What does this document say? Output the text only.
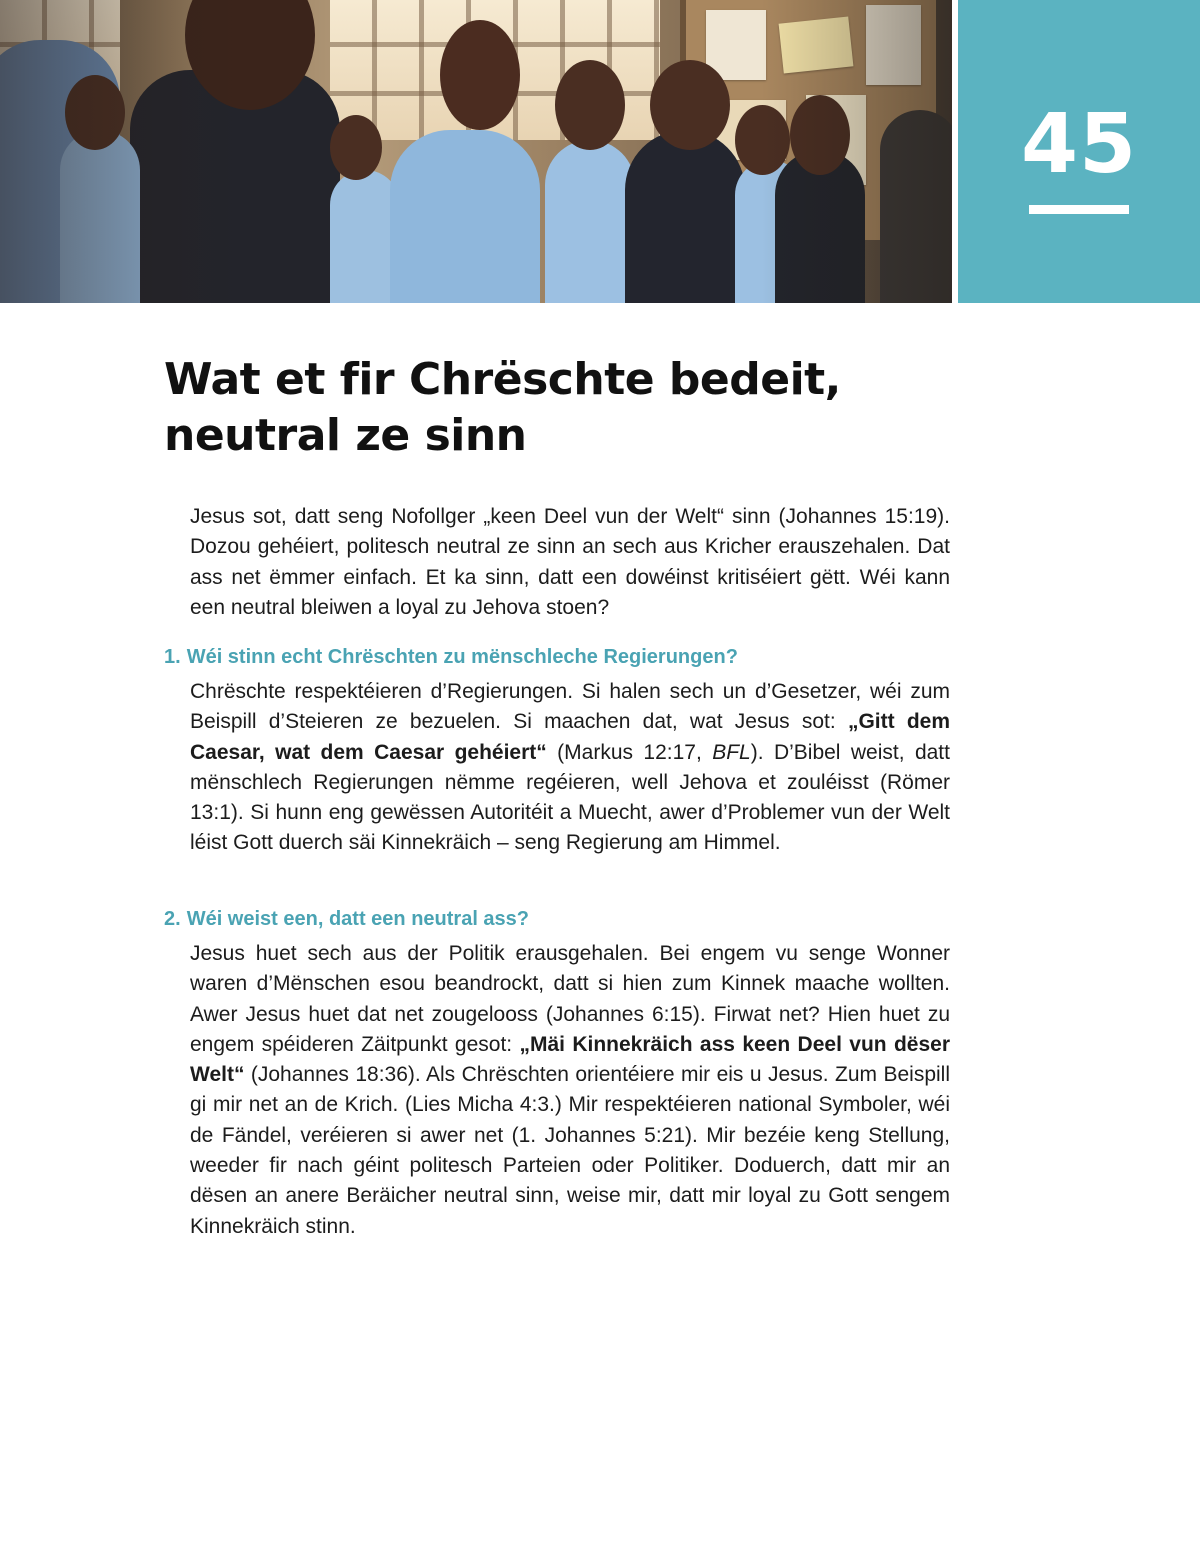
45
Wat et fir Chrëschte bedeit,
neutral ze sinn

Jesus sot, datt seng Nofollger „keen Deel vun der Welt“ sinn (Johannes 15:19). Dozou gehéiert, politesch neutral ze sinn an sech aus Kricher erauszehalen. Dat ass net ëmmer einfach. Et ka sinn, datt een dowéinst kritiséiert gëtt. Wéi kann een neutral bleiwen a loyal zu Jehova stoen?

1. Wéi stinn echt Chrëschten zu mënschleche Regierungen?

Chrëschte respektéieren d’Regierungen. Si halen sech un d’Gesetzer, wéi zum Beispill d’Steieren ze bezuelen. Si maachen dat, wat Jesus sot: „Gitt dem Caesar, wat dem Caesar gehéiert“ (Markus 12:17, BFL). D’Bibel weist, datt mënschlech Regierungen nëmme regéieren, well Jehova et zouléisst (Römer 13:1). Si hunn eng gewëssen Autoritéit a Muecht, awer d’Problemer vun der Welt léist Gott duerch säi Kinnekräich – seng Regierung am Himmel.

2. Wéi weist een, datt een neutral ass?

Jesus huet sech aus der Politik erausgehalen. Bei engem vu senge Wonner waren d’Mënschen esou beandrockt, datt si hien zum Kinnek maache wollten. Awer Jesus huet dat net zougelooss (Johannes 6:15). Firwat net? Hien huet zu engem spéideren Zäitpunkt gesot: „Mäi Kinnekräich ass keen Deel vun dëser Welt“ (Johannes 18:36). Als Chrëschten orientéiere mir eis u Jesus. Zum Beispill gi mir net an de Krich. (Lies Micha 4:3.) Mir respektéieren national Symboler, wéi de Fändel, veréieren si awer net (1. Johannes 5:21). Mir bezéie keng Stellung, weeder fir nach géint politesch Parteien oder Politiker. Doduerch, datt mir an dësen an anere Beräicher neutral sinn, weise mir, datt mir loyal zu Gott sengem Kinnekräich stinn.
